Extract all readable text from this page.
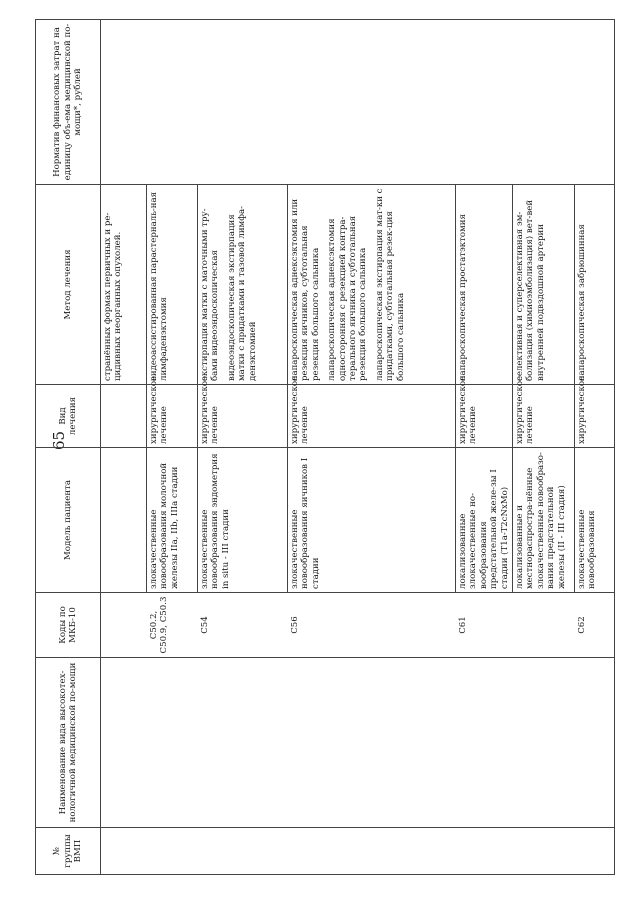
65
№ группы ВМП	Наименование вида высокотех-нологичной медицинской по-мощи	Коды по МКБ-10	Модель пациента	Вид лечения	Метод лечения	Норматив финансовых затрат на единицу объ-ема медицинской по-мощи*, рублей
					странённых формах первичных и ре-цидивных неорганных опухолей.	
		C50.2, C50.9, C50.3	злокачественные новообразования молочной железы IIa, IIb, IIIa стадии	хирургическое лечение	видеоассистированная парастерналь-ная лимфаденэктомия	
		C54	злокачественные новообразования эндометрия in situ - III стадии	хирургическое лечение	экстирпация матки с маточными тру-бами видеоэндоскопическая видеоэндоскопическая экстирпация матки с придатками и тазовой лимфа-денэктомией	

		C56	злокачественные новообразования яичников I стадии	хирургическое лечение	лапароскопическая аднексэктомия или резекция яичников, субтотальная резекция большого сальника лапароскопическая аднексэктомия односторонняя с резекцией контра-терального яичника и субтотальная резекция большого сальника лапароскопическая экстирпация мат-ки с придатками, субтотальная резек-ция большого сальника	

		C61	локализованные злокачественные но-вообразования предстательной желе-зы I стадии (T1a-T2cNxMo)	хирургическое лечение	лапароскопическая простатэктомия	
			локализованные и местнораспростра-нённые злокачественные новообразо-вания предстательной железы (II - III стадия)	хирургическое лечение	селективная и суперселективная эм-болизация (химиоэмболизация) вет-вей внутренней подвздошной артерии	
		C62	злокачественные новообразования	хирургическое	лапароскопическая забрюшинная	
